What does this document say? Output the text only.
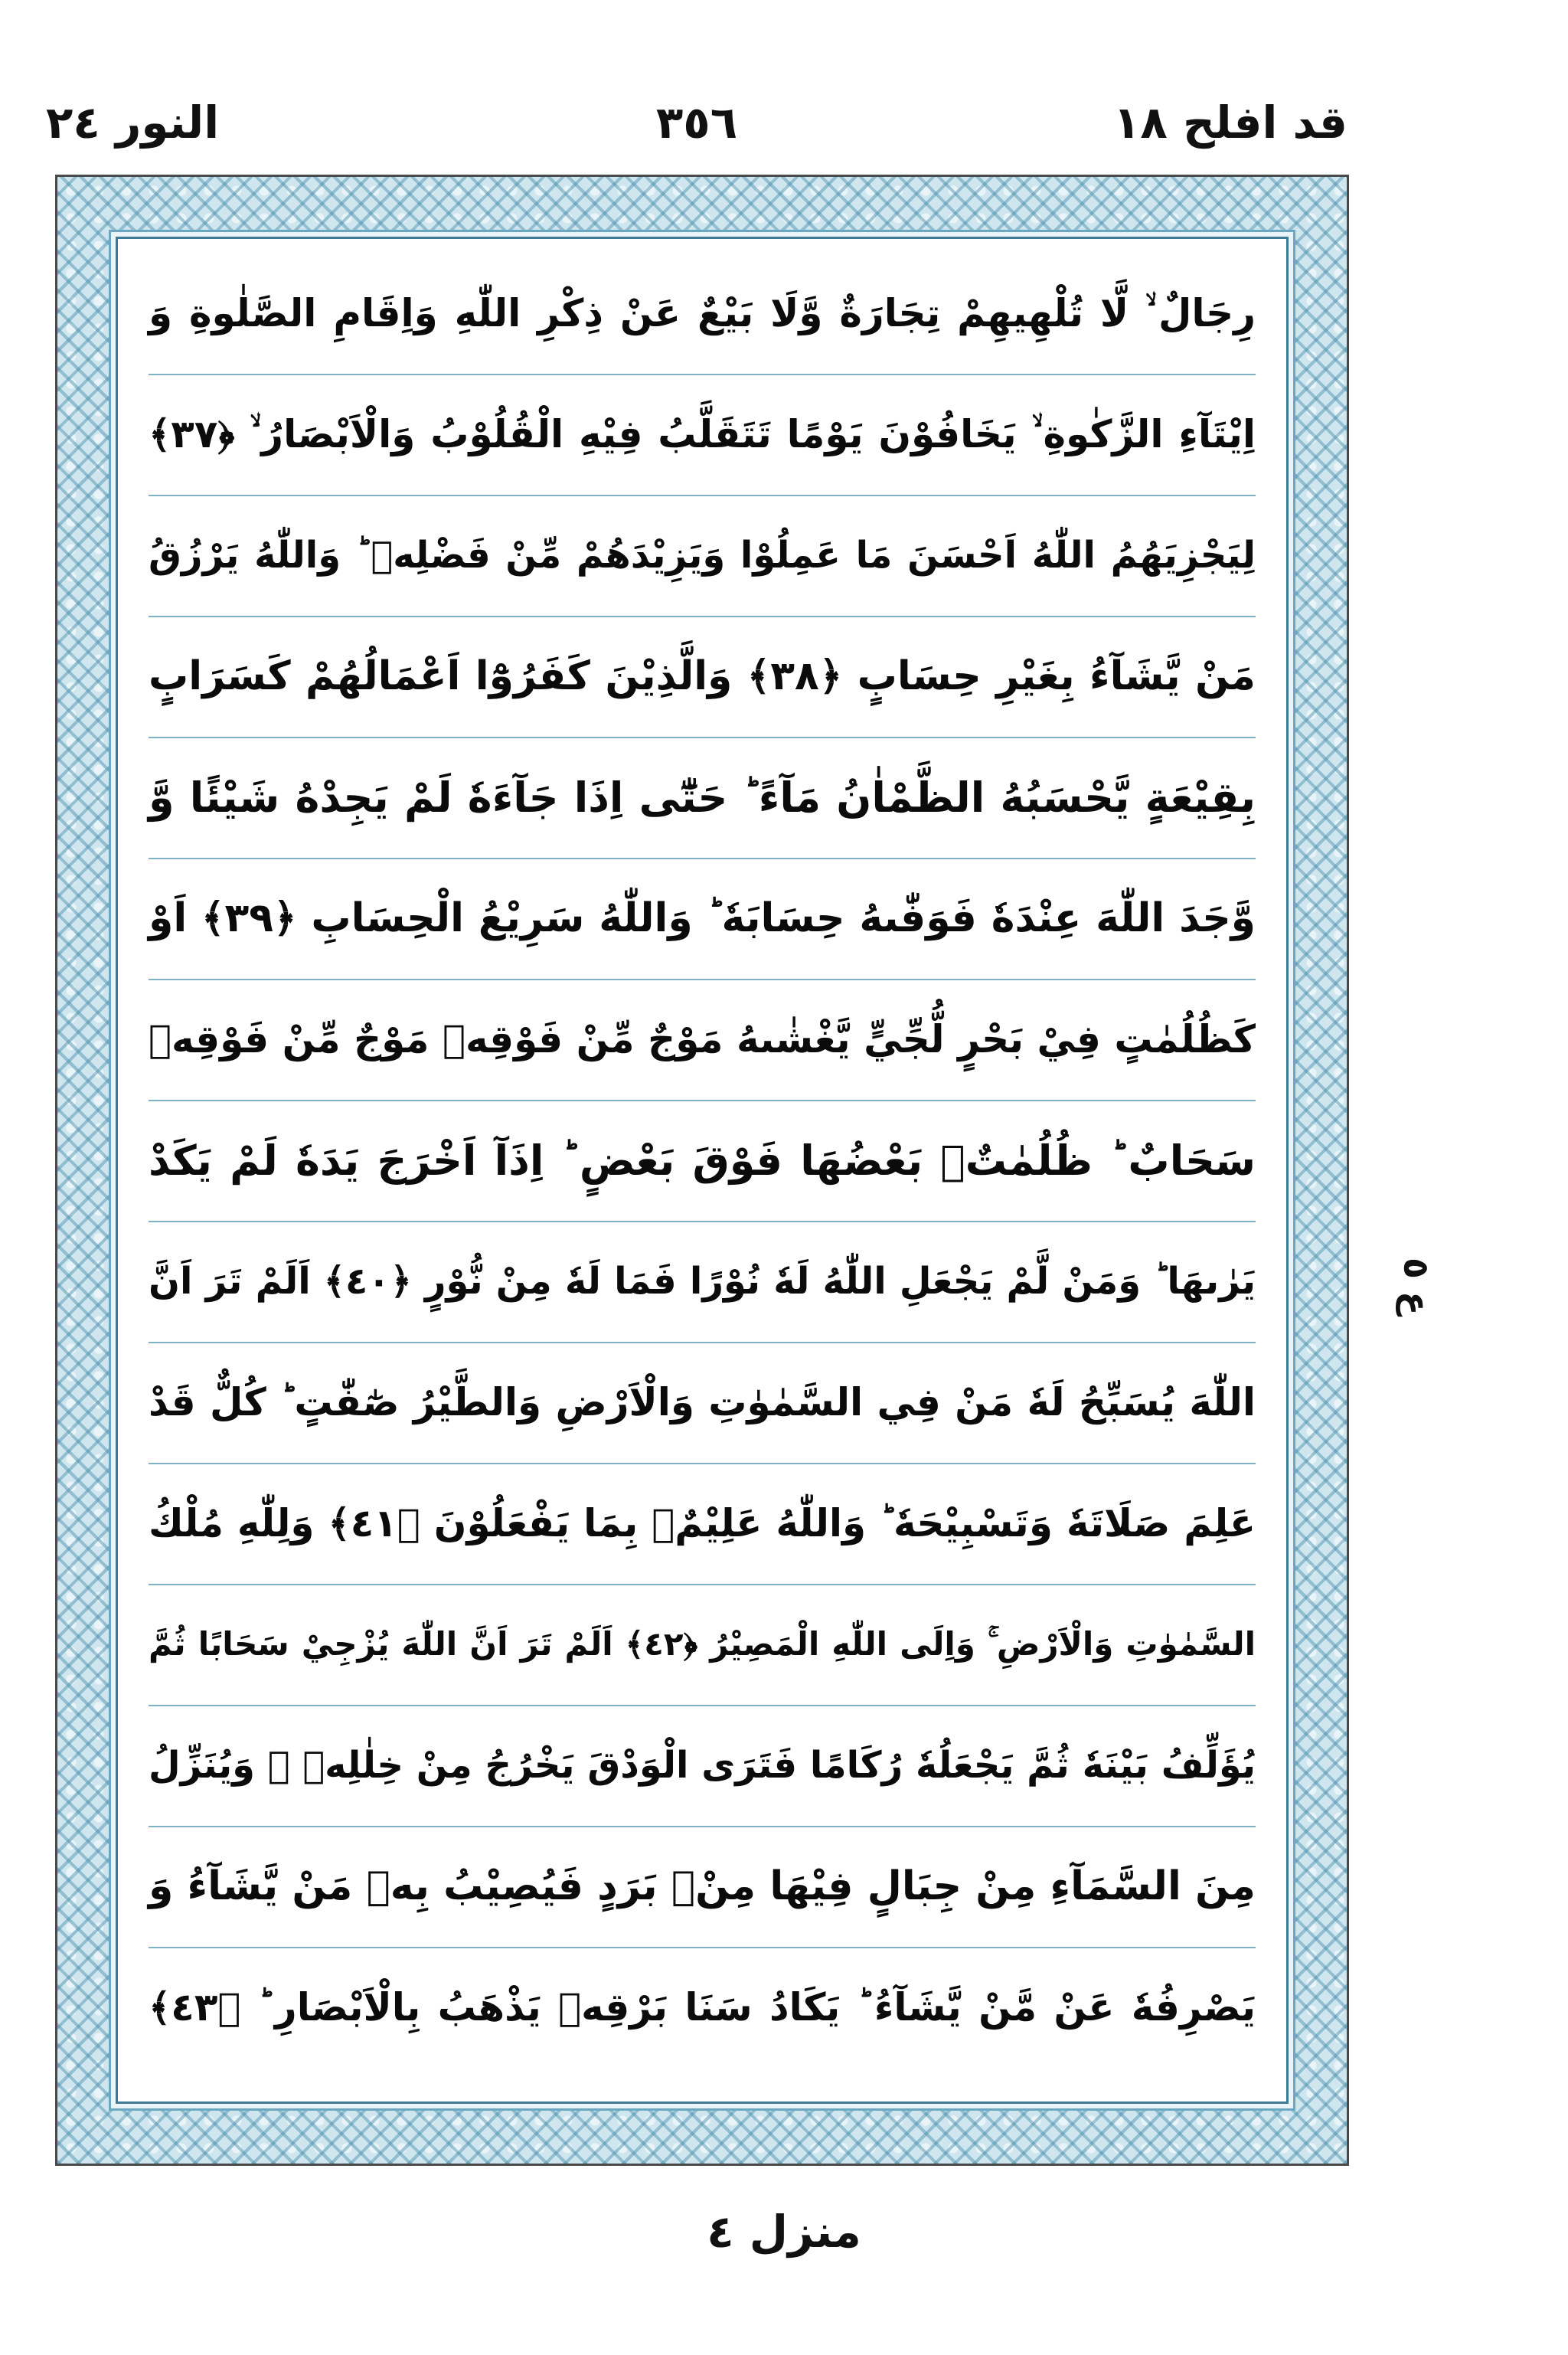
قد افلح ١٨
٣٥٦
النور ٢٤
رِجَالٌ ۙ لَّا تُلْهِيهِمْ تِجَارَةٌ وَّلَا بَيْعٌ عَنْ ذِكْرِ اللّٰهِ وَاِقَامِ الصَّلٰوةِ وَ
اِيْتَآءِ الزَّكٰوةِ ۙ يَخَافُوْنَ يَوْمًا تَتَقَلَّبُ فِيْهِ الْقُلُوْبُ وَالْاَبْصَارُ ۙ ﴿٣٧﴾
لِيَجْزِيَهُمُ اللّٰهُ اَحْسَنَ مَا عَمِلُوْا وَيَزِيْدَهُمْ مِّنْ فَضْلِهٖ ؕ وَاللّٰهُ يَرْزُقُ
مَنْ يَّشَآءُ بِغَيْرِ حِسَابٍ ﴿٣٨﴾ وَالَّذِيْنَ كَفَرُوْٓا اَعْمَالُهُمْ كَسَرَابٍ
بِقِيْعَةٍ يَّحْسَبُهُ الظَّمْاٰنُ مَآءً ؕ حَتّٰٓى اِذَا جَآءَهٗ لَمْ يَجِدْهُ شَيْئًا وَّ
وَّجَدَ اللّٰهَ عِنْدَهٗ فَوَفّٰىهُ حِسَابَهٗ ؕ وَاللّٰهُ سَرِيْعُ الْحِسَابِ ﴿٣٩﴾ اَوْ
كَظُلُمٰتٍ فِيْ بَحْرٍ لُّجِّيٍّ يَّغْشٰىهُ مَوْجٌ مِّنْ فَوْقِهٖ مَوْجٌ مِّنْ فَوْقِهٖ
سَحَابٌ ؕ ظُلُمٰتٌۢ بَعْضُهَا فَوْقَ بَعْضٍ ؕ اِذَآ اَخْرَجَ يَدَهٗ لَمْ يَكَدْ
يَرٰىهَا ؕ وَمَنْ لَّمْ يَجْعَلِ اللّٰهُ لَهٗ نُوْرًا فَمَا لَهٗ مِنْ نُّوْرٍ ﴿٤٠﴾ اَلَمْ تَرَ اَنَّ
اللّٰهَ يُسَبِّحُ لَهٗ مَنْ فِي السَّمٰوٰتِ وَالْاَرْضِ وَالطَّيْرُ صٰٓفّٰتٍ ؕ كُلٌّ قَدْ
عَلِمَ صَلَاتَهٗ وَتَسْبِيْحَهٗ ؕ وَاللّٰهُ عَلِيْمٌۢ بِمَا يَفْعَلُوْنَ ﴿٤١﴾ وَلِلّٰهِ مُلْكُ
السَّمٰوٰتِ وَالْاَرْضِ ۚ وَاِلَى اللّٰهِ الْمَصِيْرُ ﴿٤٢﴾ اَلَمْ تَرَ اَنَّ اللّٰهَ يُزْجِيْ سَحَابًا ثُمَّ
يُؤَلِّفُ بَيْنَهٗ ثُمَّ يَجْعَلُهٗ رُكَامًا فَتَرَى الْوَدْقَ يَخْرُجُ مِنْ خِلٰلِهٖ ۚ وَيُنَزِّلُ
مِنَ السَّمَآءِ مِنْ جِبَالٍ فِيْهَا مِنْۢ بَرَدٍ فَيُصِيْبُ بِهٖ مَنْ يَّشَآءُ وَ
يَصْرِفُهٗ عَنْ مَّنْ يَّشَآءُ ؕ يَكَادُ سَنَا بَرْقِهٖ يَذْهَبُ بِالْاَبْصَارِ ؕ ﴿٤٣﴾
ع ٥
منزل ٤
